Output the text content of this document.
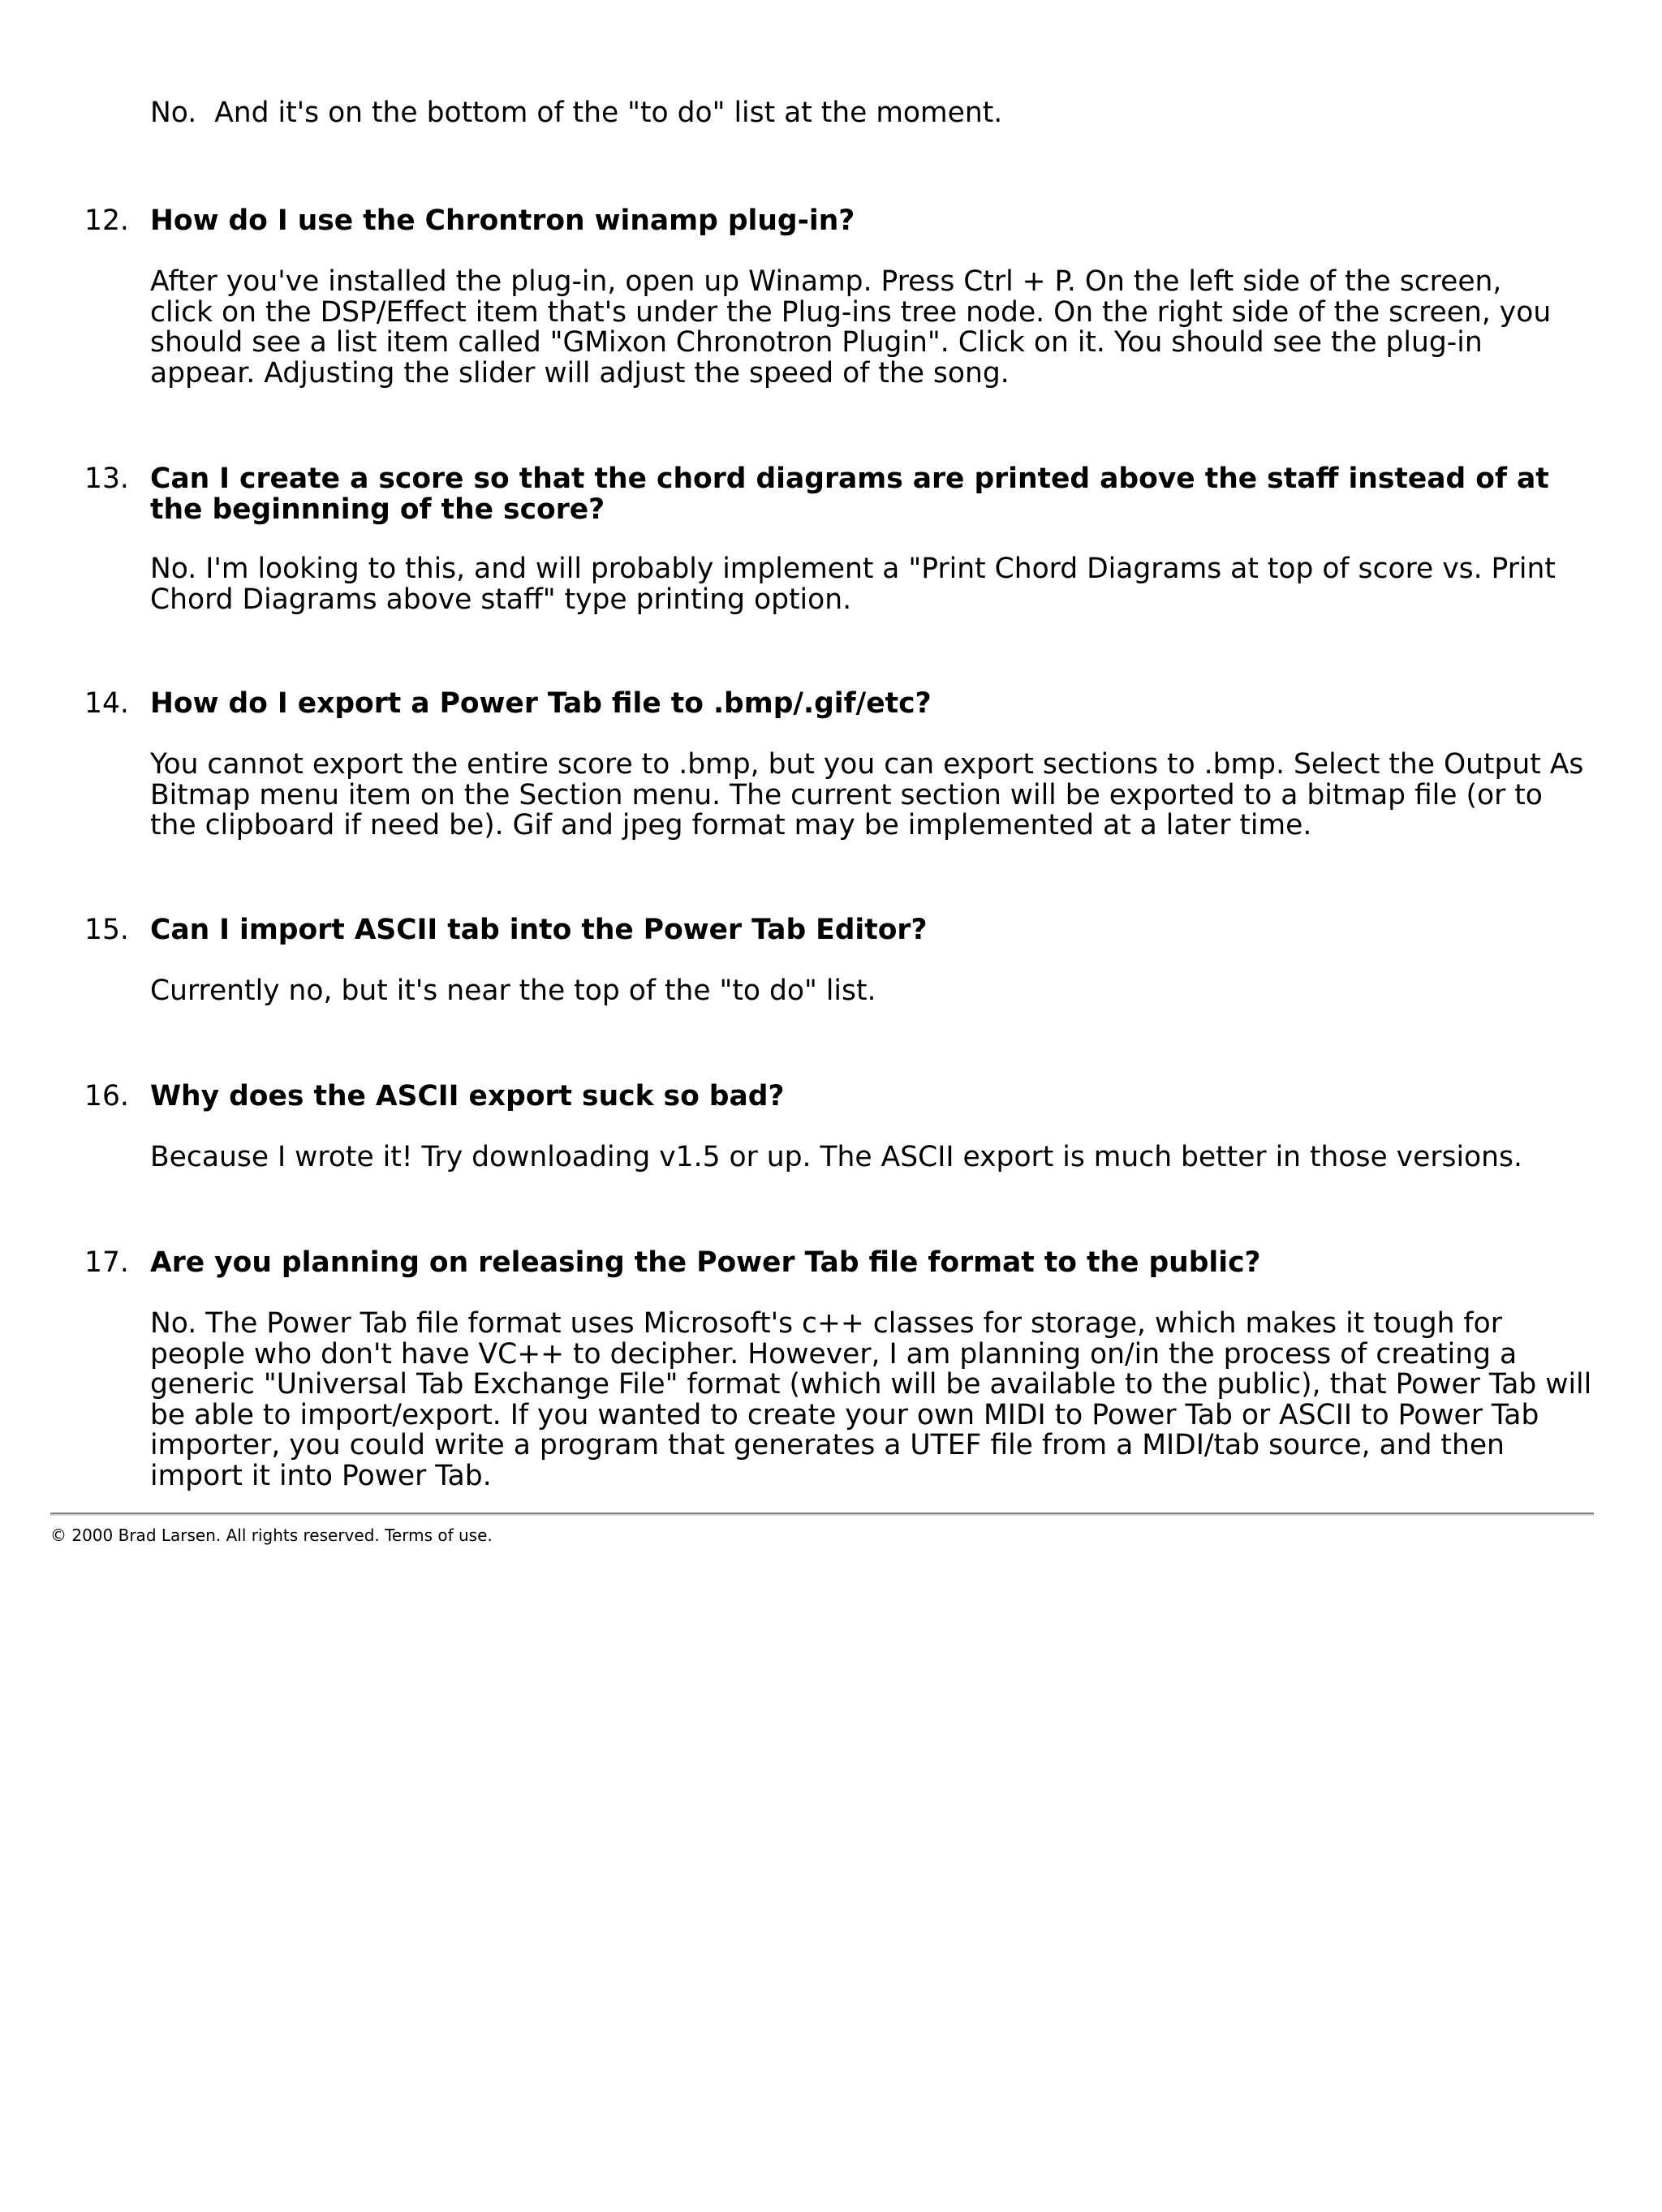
No.  And it's on the bottom of the "to do" list at the moment.

12. How do I use the Chrontron winamp plug-in?

After you've installed the plug-in, open up Winamp. Press Ctrl + P. On the left side of the screen,
click on the DSP/Effect item that's under the Plug-ins tree node. On the right side of the screen, you
should see a list item called "GMixon Chronotron Plugin". Click on it. You should see the plug-in
appear. Adjusting the slider will adjust the speed of the song.

13. Can I create a score so that the chord diagrams are printed above the staff instead of at the beginnning of the score?

No. I'm looking to this, and will probably implement a "Print Chord Diagrams at top of score vs. Print
Chord Diagrams above staff" type printing option.

14. How do I export a Power Tab file to .bmp/.gif/etc?

You cannot export the entire score to .bmp, but you can export sections to .bmp. Select the Output As
Bitmap menu item on the Section menu. The current section will be exported to a bitmap file (or to
the clipboard if need be). Gif and jpeg format may be implemented at a later time.

15. Can I import ASCII tab into the Power Tab Editor?

Currently no, but it's near the top of the "to do" list.

16. Why does the ASCII export suck so bad?

Because I wrote it! Try downloading v1.5 or up. The ASCII export is much better in those versions.

17. Are you planning on releasing the Power Tab file format to the public?

No. The Power Tab file format uses Microsoft's c++ classes for storage, which makes it tough for
people who don't have VC++ to decipher. However, I am planning on/in the process of creating a
generic "Universal Tab Exchange File" format (which will be available to the public), that Power Tab will
be able to import/export. If you wanted to create your own MIDI to Power Tab or ASCII to Power Tab
importer, you could write a program that generates a UTEF file from a MIDI/tab source, and then
import it into Power Tab.

© 2000 Brad Larsen. All rights reserved. Terms of use.
